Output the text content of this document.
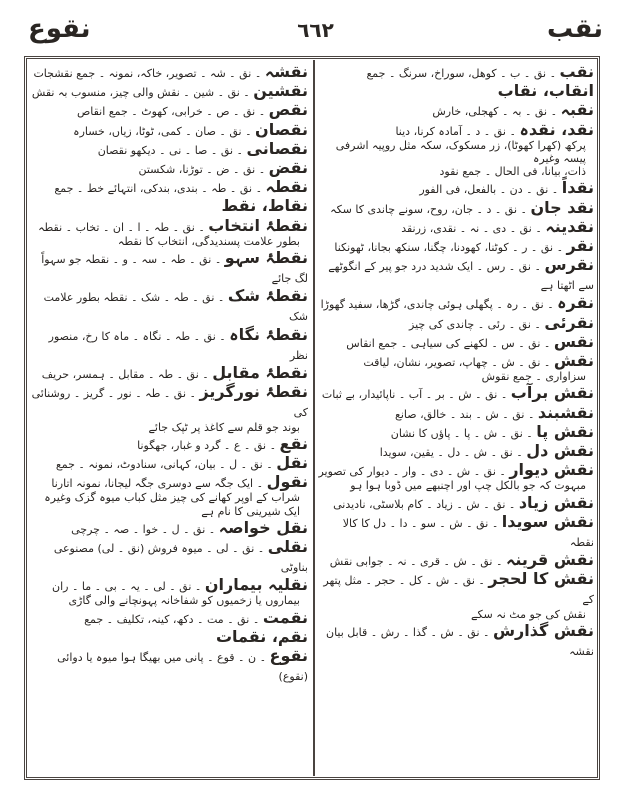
نقوع	٦٦٢	نقب

نقب ۔ نق ۔ ب ۔ کوھل، سوراخ، سرنگ ۔ جمع

انقاب، نقاب

نقبہ ۔ نق ۔ بہ ۔ کھجلی، خارش

نقد، نقدہ ۔ نق ۔ د ۔ آمادہ کرنا، دینا

پرکھ (کھرا کھوٹا)، زر مسکوک، سکہ مثل روپیہ اشرفی پیسہ وغیرہ

ذات، بیانا، فی الحال ۔ جمع نقود

نقداً ۔ نق ۔ دن ۔ بالفعل، فی الفور

نقد جان ۔ نق ۔ د ۔ جان، روح، سونے چاندی کا سکہ

نقدینہ ۔ نق ۔ دی ۔ نہ ۔ نقدی، زرنقد

نقر ۔ نق ۔ ر ۔ کوٹنا، کھودنا، چگنا، سنکھ بجانا، ٹھونکنا

نقرس ۔ نق ۔ رس ۔ ایک شدید درد جو پیر کے انگوٹھے سے اٹھتا ہے

نقرہ ۔ نق ۔ رہ ۔ پگھلی ہوئی چاندی، گڑھا، سفید گھوڑا

نقرئی ۔ نق ۔ رئی ۔ چاندی کی چیز

نقس ۔ نق ۔ س ۔ لکھنے کی سیاہی ۔ جمع انقاس

نقش ۔ نق ۔ ش ۔ چھاپ، تصویر، نشان، لیاقت

سزاواری ۔ جمع نقوش

نقش برآب ۔ نق ۔ ش ۔ بر ۔ آب ۔ ناپائیدار، بے ثبات

نقشبند ۔ نق ۔ ش ۔ بند ۔ خالق، صانع

نقش پا ۔ نق ۔ ش ۔ پا ۔ پاؤں کا نشان

نقش دل ۔ نق ۔ ش ۔ دل ۔ یقین، سویدا

نقش دیوار ۔ نق ۔ ش ۔ دی ۔ وار ۔ دیوار کی تصویر

مبہوت کہ جو بالکل چپ اور اچنبھے میں ڈوبا ہوا ہو

نقش زیاد ۔ نق ۔ ش ۔ زیاد ۔ کام بلاسٹی، نادیدنی

نقش سویدا ۔ نق ۔ ش ۔ سو ۔ دا ۔ دل کا کالا نقطہ

نقش قرینہ ۔ نق ۔ ش ۔ قری ۔ نہ ۔ جوابی نقش

نقش کا لحجر ۔ نق ۔ ش ۔ کل ۔ حجر ۔ مثل پتھر کے

نقش کی جو مٹ نہ سکے

نقش گذارش ۔ نق ۔ ش ۔ گذا ۔ رش ۔ قابل بیان نقشہ

نقشہ ۔ نق ۔ شہ ۔ تصویر، خاکہ، نمونہ ۔ جمع نقشجات

نقشین ۔ نق ۔ شین ۔ نقش والی چیز، منسوب بہ نقش

نقص ۔ نق ۔ ص ۔ خرابی، کھوٹ ۔ جمع انقاص

نقصان ۔ نق ۔ صان ۔ کمی، ٹوٹا، زیاں، خسارہ

نقصانی ۔ نق ۔ صا ۔ نی ۔ دیکھو نقصان

نقض ۔ نق ۔ ض ۔ توڑنا، شکستن

نقطہ ۔ نق ۔ طہ ۔ بندی، بندکی، انتہائے خط ۔ جمع

نقاط، نقط

نقطۂ انتخاب ۔ نق ۔ طہ ۔ ا ۔ ان ۔ تخاب ۔ نقطہ

بطور علامت پسندیدگی، انتخاب کا نقطہ

نقطۂ سہو ۔ نق ۔ طہ ۔ سہ ۔ و ۔ نقطہ جو سہواً لگ جائے

نقطۂ شک ۔ نق ۔ طہ ۔ شک ۔ نقطہ بطور علامت شک

نقطۂ نگاہ ۔ نق ۔ طہ ۔ نگاہ ۔ ماہ کا رخ، منصور نظر

نقطۂ مقابل ۔ نق ۔ طہ ۔ مقابل ۔ ہمسر، حریف

نقطۂ نورگریز ۔ نق ۔ طہ ۔ نور ۔ گریز ۔ روشنائی کی

بوند جو قلم سے کاغذ پر ٹپک جائے

نقع ۔ نق ۔ ع ۔ گرد و غبار، جھگونا

نقل ۔ نق ۔ ل ۔ بیان، کہانی، سنادوٹ، نمونہ ۔ جمع

نقول ۔ ایک جگہ سے دوسری جگہ لیجانا، نمونہ اتارنا

شراب کے اوپر کھانے کی چیز مثل کباب میوہ گزک وغیرہ

ایک شیرینی کا نام ہے

نقل خواصہ ۔ نق ۔ ل ۔ خوا ۔ صہ ۔ چرچی

نقلی ۔ نق ۔ لی ۔ میوہ فروش (نق ۔ لی) مصنوعی بناوٹی

نقلیہ بیماران ۔ نق ۔ لی ۔ یہ ۔ بی ۔ ما ۔ ران

بیماروں یا زخمیوں کو شفاخانہ پہونچانے والی گاڑی

نقمت ۔ نق ۔ مت ۔ دکھ، کینہ، تکلیف ۔ جمع

نقم، نقمات

نقوع ۔ ن ۔ قوع ۔ پانی میں بھیگا ہوا میوہ یا دوائی (نقوع)
